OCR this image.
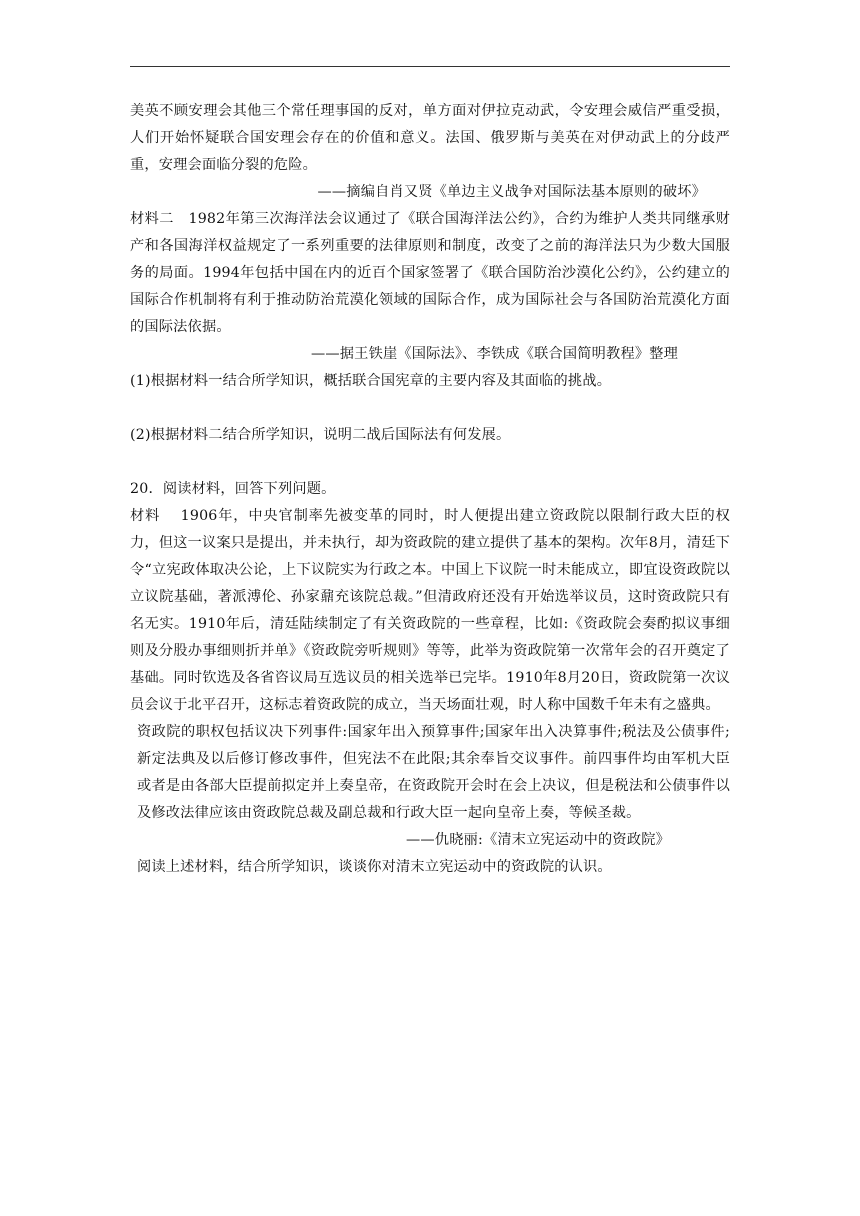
美英不顾安理会其他三个常任理事国的反对，单方面对伊拉克动武，令安理会威信严重受损，人们开始怀疑联合国安理会存在的价值和意义。法国、俄罗斯与美英在对伊动武上的分歧严重，安理会面临分裂的危险。

——摘编自肖又贤《单边主义战争对国际法基本原则的破坏》

材料二　1982年第三次海洋法会议通过了《联合国海洋法公约》，合约为维护人类共同继承财产和各国海洋权益规定了一系列重要的法律原则和制度，改变了之前的海洋法只为少数大国服务的局面。1994年包括中国在内的近百个国家签署了《联合国防治沙漠化公约》，公约建立的国际合作机制将有利于推动防治荒漠化领域的国际合作，成为国际社会与各国防治荒漠化方面的国际法依据。

——据王铁崖《国际法》、李铁成《联合国简明教程》整理

(1)根据材料一结合所学知识，概括联合国宪章的主要内容及其面临的挑战。

(2)根据材料二结合所学知识，说明二战后国际法有何发展。

20．阅读材料，回答下列问题。

材料　 1906年，中央官制率先被变革的同时，时人便提出建立资政院以限制行政大臣的权力，但这一议案只是提出，并未执行，却为资政院的建立提供了基本的架构。次年8月，清廷下令“立宪政体取决公论，上下议院实为行政之本。中国上下议院一时未能成立，即宜设资政院以立议院基础，著派溥伦、孙家鼐充该院总裁。”但清政府还没有开始选举议员，这时资政院只有名无实。1910年后，清廷陆续制定了有关资政院的一些章程，比如:《资政院会奏酌拟议事细则及分股办事细则折并单》《资政院旁听规则》等等，此举为资政院第一次常年会的召开奠定了基础。同时钦选及各省咨议局互选议员的相关选举已完毕。1910年8月20日，资政院第一次议员会议于北平召开，这标志着资政院的成立，当天场面壮观，时人称中国数千年未有之盛典。

资政院的职权包括议决下列事件:国家年出入预算事件;国家年出入决算事件;税法及公债事件;新定法典及以后修订修改事件，但宪法不在此限;其余奉旨交议事件。前四事件均由军机大臣或者是由各部大臣提前拟定并上奏皇帝，在资政院开会时在会上决议，但是税法和公债事件以及修改法律应该由资政院总裁及副总裁和行政大臣一起向皇帝上奏，等候圣裁。

——仇晓丽:《清末立宪运动中的资政院》

阅读上述材料，结合所学知识，谈谈你对清末立宪运动中的资政院的认识。
